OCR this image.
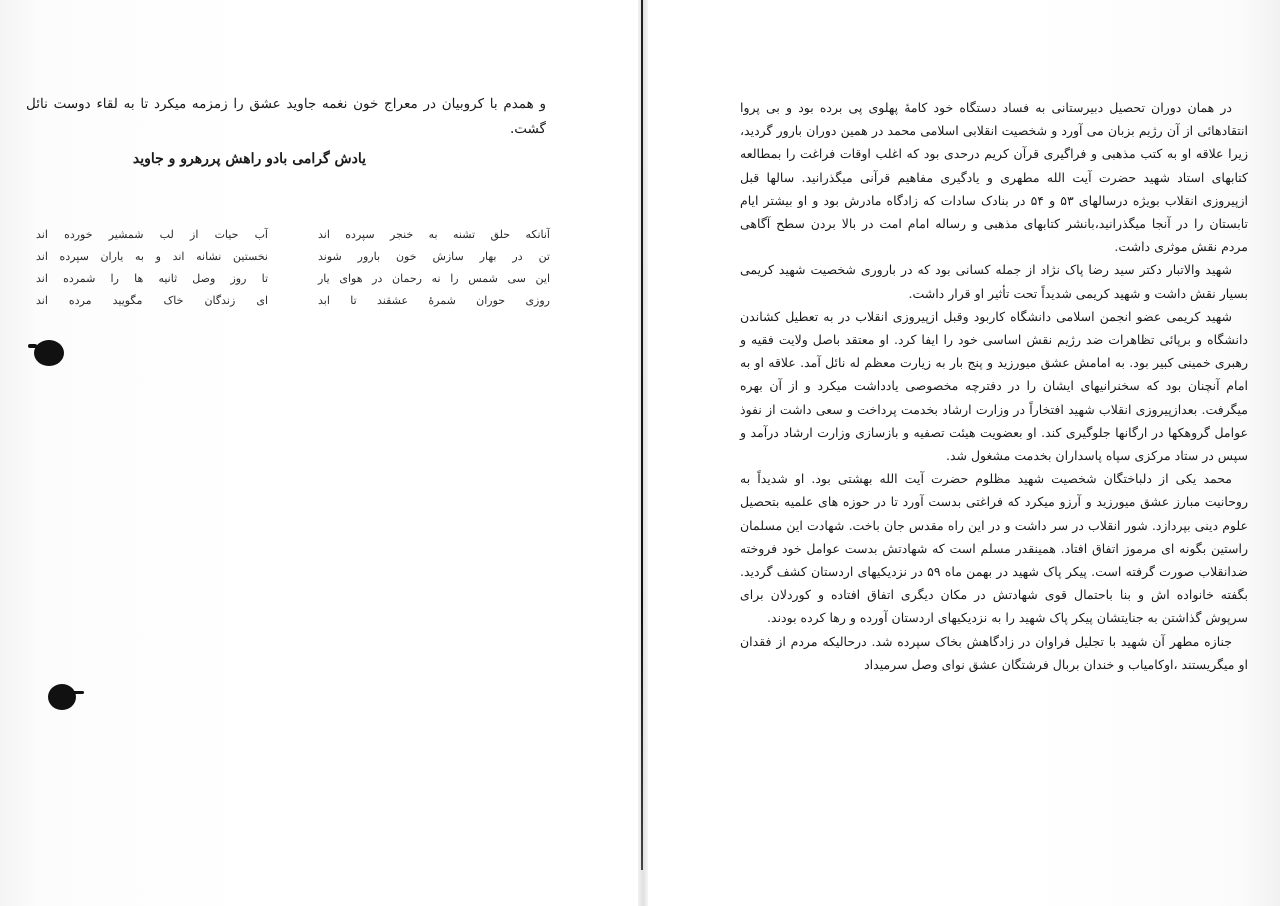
و همدم با کروبیان در معراج خون نغمه جاوید عشق را زمزمه میکرد تا به لقاء دوست نائل گشت.
یادش گرامی بادو راهش پررهرو و جاوید
آنانکه حلق تشنه به خنجر سپرده اند
تن در بهار سازش خون بارور شوند
این سی شمس را نه رحمان در هوای یار
روزی حوران شمرۀ عشقند تا ابد
آب حیات از لب شمشیر خورده اند
نخستین نشانه اند و به یاران سپرده اند
تا روز وصل ثانیه ها را شمرده اند
ای زندگان خاک مگویید مرده اند

در همان دوران تحصیل دبیرستانی به فساد دستگاه خود کامۀ پهلوی پی برده بود و بی پروا انتقادهائی از آن رژیم بزبان می آورد و شخصیت انقلابی اسلامی محمد در همین دوران بارور گردید، زیرا علاقه او به کتب مذهبی و فراگیری قرآن کریم درحدی بود که اغلب اوقات فراغت را بمطالعه کتابهای استاد شهید حضرت آیت الله مطهری و یادگیری مفاهیم قرآنی میگذرانید. سالها قبل ازپیروزی انقلاب بویژه درسالهای ۵۳ و ۵۴ در بنادک سادات که زادگاه مادرش بود و او بیشتر ایام تابستان را در آنجا میگذرانید،بانشر کتابهای مذهبی و رساله امام امت در بالا بردن سطح آگاهی مردم نقش موثری داشت.

شهید والاتبار دکتر سید رضا پاک نژاد از جمله کسانی بود که در باروری شخصیت شهید کریمی بسیار نقش داشت و شهید کریمی شدیداً تحت تأثیر او قرار داشت.

شهید کریمی عضو انجمن اسلامی دانشگاه کاربود وقبل ازپیروزی انقلاب در به تعطیل کشاندن دانشگاه و برپائی تظاهرات ضد رژیم نقش اساسی خود را ایفا کرد. او معتقد باصل ولایت فقیه و رهبری خمینی کبیر بود. به امامش عشق میورزید و پنج بار به زیارت معظم له نائل آمد. علاقه او به امام آنچنان بود که سخنرانیهای ایشان را در دفترچه مخصوصی یادداشت میکرد و از آن بهره میگرفت. بعدازپیروزی انقلاب شهید افتخاراً در وزارت ارشاد بخدمت پرداخت و سعی داشت از نفوذ عوامل گروهکها در ارگانها جلوگیری کند. او بعضویت هیئت تصفیه و بازسازی وزارت ارشاد درآمد و سپس در ستاد مرکزی سپاه پاسداران بخدمت مشغول شد.

محمد یکی از دلباختگان شخصیت شهید مظلوم حضرت آیت الله بهشتی بود. او شدیداً به روحانیت مبارز عشق میورزید و آرزو میکرد که فراغتی بدست آورد تا در حوزه های علمیه بتحصیل علوم دینی بپردازد. شور انقلاب در سر داشت و در این راه مقدس جان باخت. شهادت این مسلمان راستین بگونه ای مرموز اتفاق افتاد. همینقدر مسلم است که شهادتش بدست عوامل خود فروخته ضدانقلاب صورت گرفته است. پیکر پاک شهید در بهمن ماه ۵۹ در نزدیکیهای اردستان کشف گردید. بگفته خانواده اش و بنا باحتمال قوی شهادتش در مکان دیگری اتفاق افتاده و کوردلان برای سرپوش گذاشتن به جنایتشان پیکر پاک شهید را به نزدیکیهای اردستان آورده و رها کرده بودند.

جنازه مطهر آن شهید با تجلیل فراوان در زادگاهش بخاک سپرده شد. درحالیکه مردم از فقدان او میگریستند ،اوکامیاب و خندان بربال فرشتگان عشق نوای وصل سرمیداد
